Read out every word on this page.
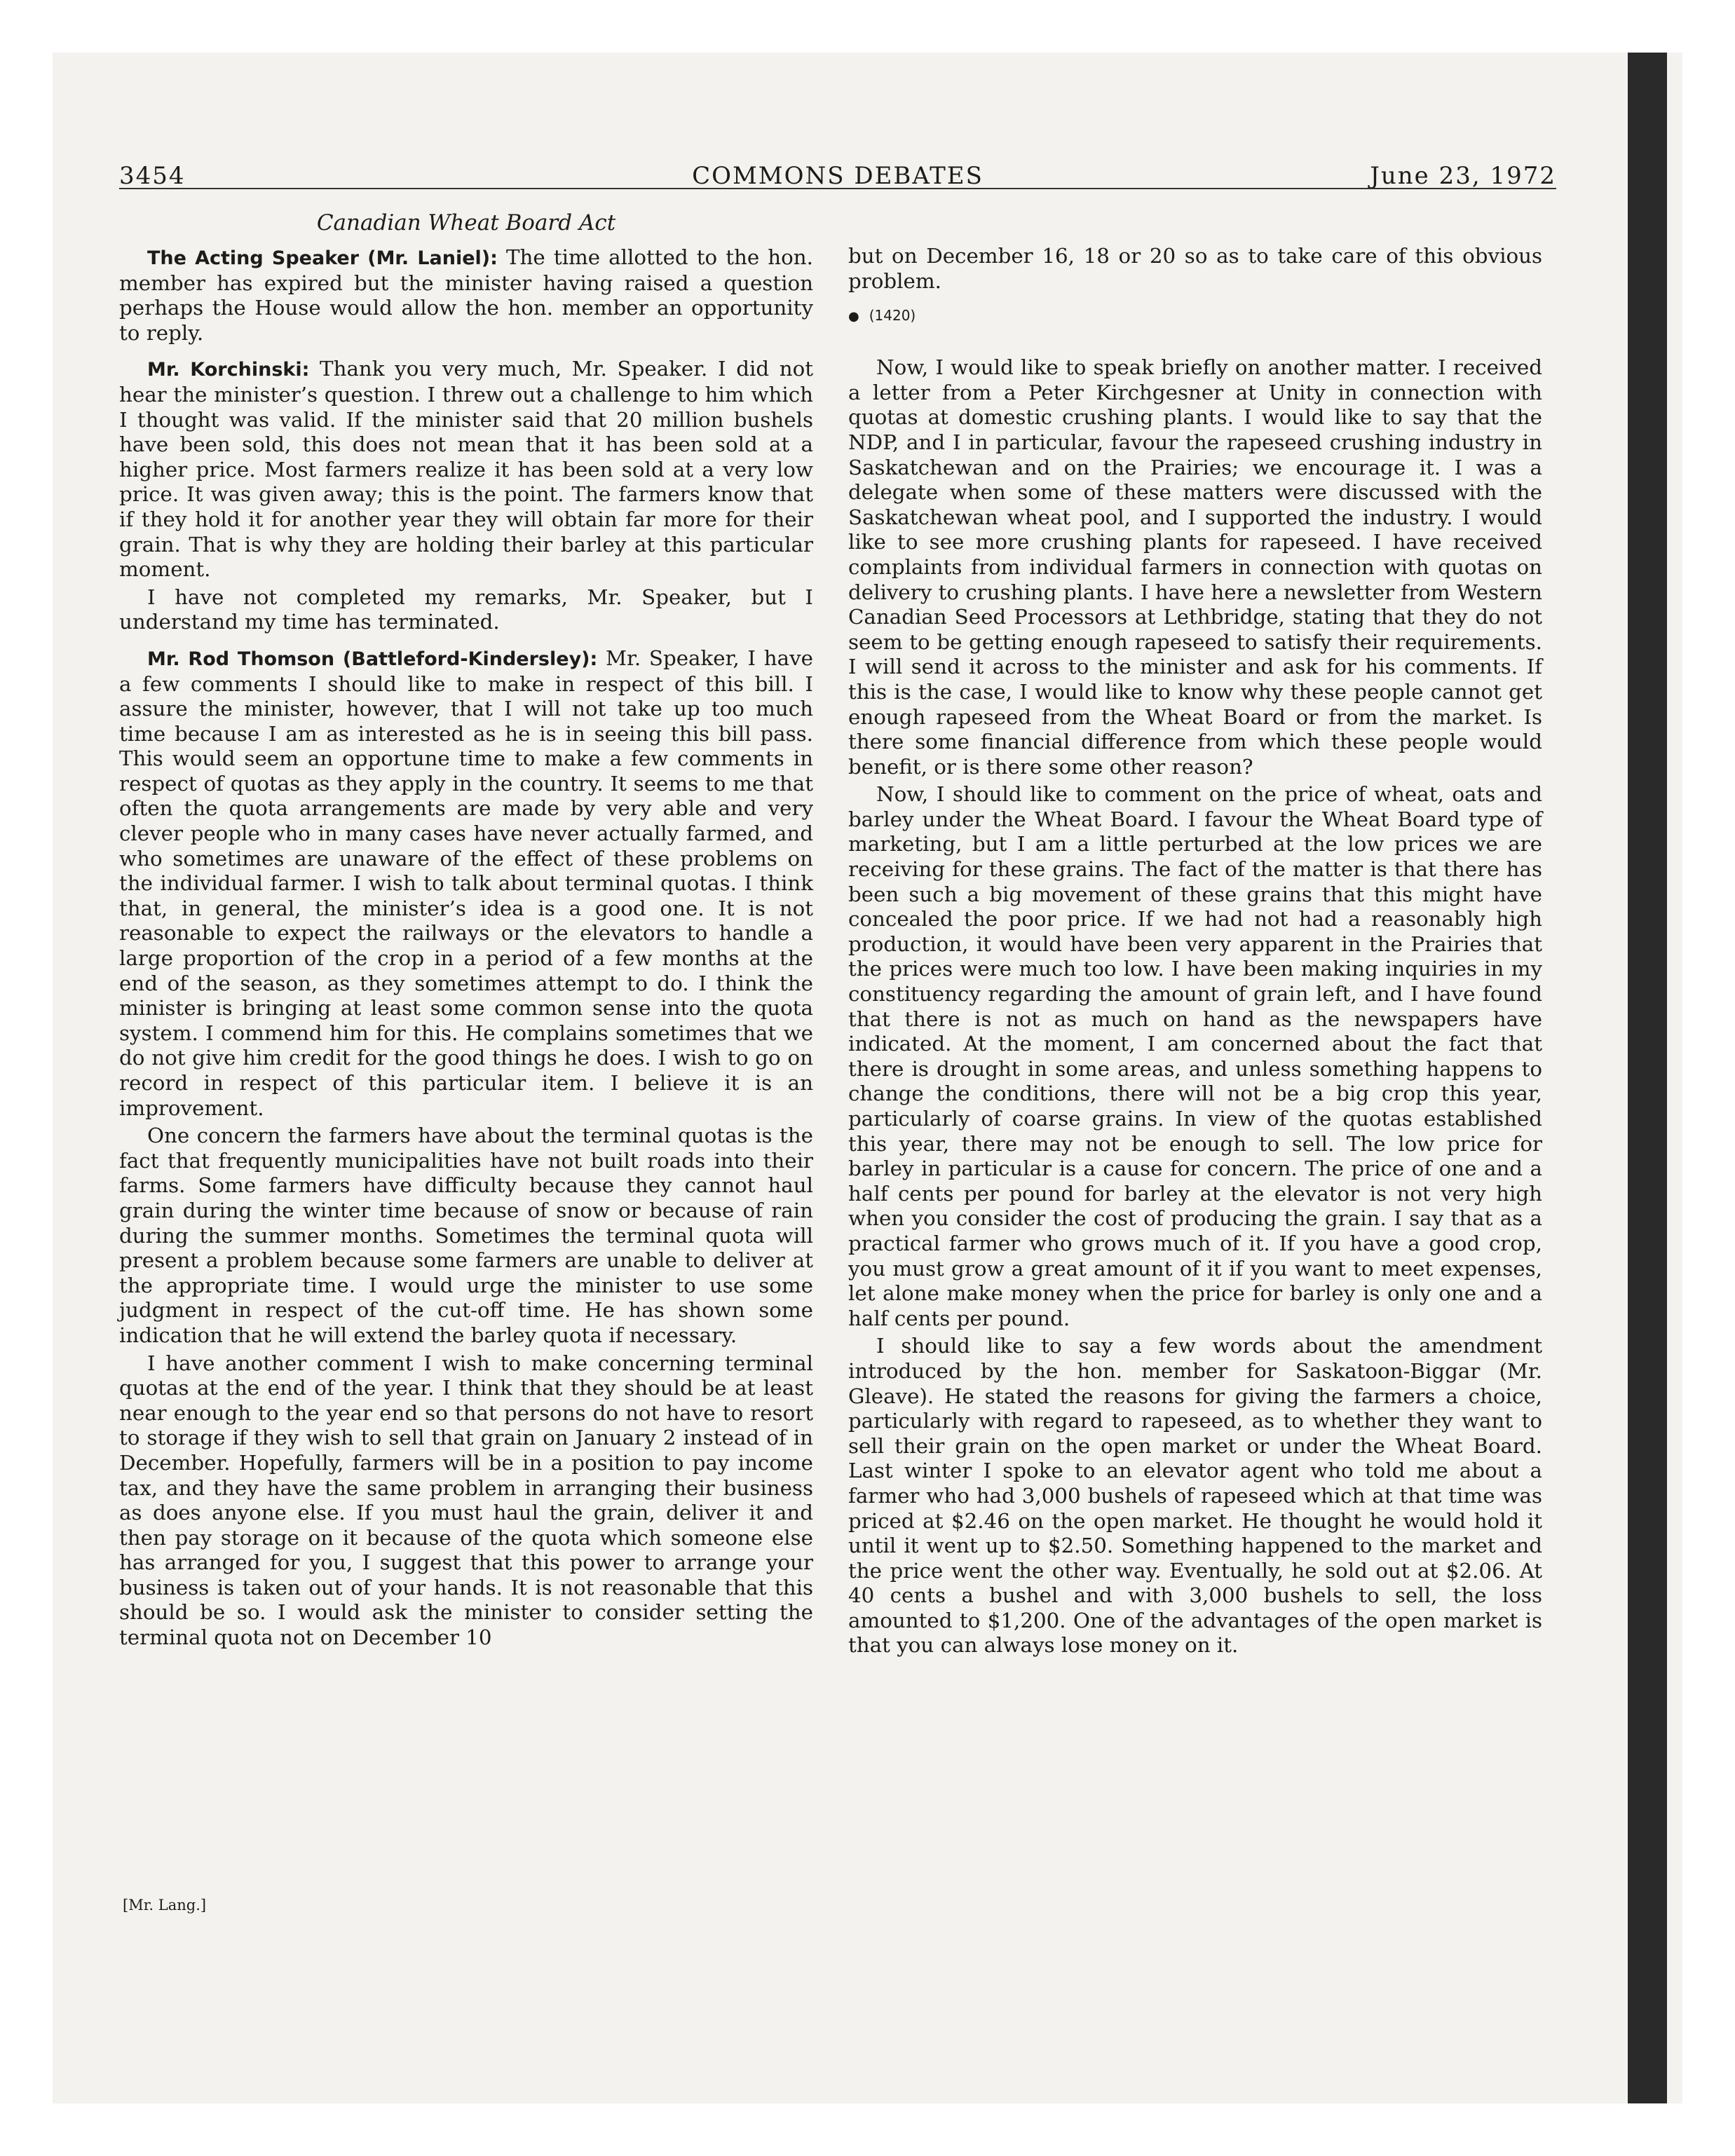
3454	COMMONS DEBATES	June 23, 1972
Canadian Wheat Board Act

The Acting Speaker (Mr. Laniel): The time allotted to the hon. member has expired but the minister having raised a question perhaps the House would allow the hon. member an opportunity to reply.

Mr. Korchinski: Thank you very much, Mr. Speaker. I did not hear the minister’s question. I threw out a challenge to him which I thought was valid. If the minister said that 20 million bushels have been sold, this does not mean that it has been sold at a higher price. Most farmers realize it has been sold at a very low price. It was given away; this is the point. The farmers know that if they hold it for another year they will obtain far more for their grain. That is why they are holding their barley at this particular moment.

I have not completed my remarks, Mr. Speaker, but I understand my time has terminated.

Mr. Rod Thomson (Battleford-Kindersley): Mr. Speaker, I have a few comments I should like to make in respect of this bill. I assure the minister, however, that I will not take up too much time because I am as interested as he is in seeing this bill pass. This would seem an opportune time to make a few comments in respect of quotas as they apply in the country. It seems to me that often the quota arrangements are made by very able and very clever people who in many cases have never actually farmed, and who sometimes are unaware of the effect of these problems on the individual farmer. I wish to talk about terminal quotas. I think that, in general, the minister’s idea is a good one. It is not reasonable to expect the railways or the elevators to handle a large proportion of the crop in a period of a few months at the end of the season, as they sometimes attempt to do. I think the minister is bringing at least some common sense into the quota system. I commend him for this. He complains sometimes that we do not give him credit for the good things he does. I wish to go on record in respect of this particular item. I believe it is an improvement.

One concern the farmers have about the terminal quotas is the fact that frequently municipalities have not built roads into their farms. Some farmers have difficulty because they cannot haul grain during the winter time because of snow or because of rain during the summer months. Sometimes the terminal quota will present a problem because some farmers are unable to deliver at the appropriate time. I would urge the minister to use some judgment in respect of the cut-off time. He has shown some indication that he will extend the barley quota if necessary.

I have another comment I wish to make concerning terminal quotas at the end of the year. I think that they should be at least near enough to the year end so that persons do not have to resort to storage if they wish to sell that grain on January 2 instead of in December. Hopefully, farmers will be in a position to pay income tax, and they have the same problem in arranging their business as does anyone else. If you must haul the grain, deliver it and then pay storage on it because of the quota which someone else has arranged for you, I suggest that this power to arrange your business is taken out of your hands. It is not reasonable that this should be so. I would ask the minister to consider setting the terminal quota not on December 10

but on December 16, 18 or 20 so as to take care of this obvious problem.

● (1420)

Now, I would like to speak briefly on another matter. I received a letter from a Peter Kirchgesner at Unity in connection with quotas at domestic crushing plants. I would like to say that the NDP, and I in particular, favour the rapeseed crushing industry in Saskatchewan and on the Prairies; we encourage it. I was a delegate when some of these matters were discussed with the Saskatchewan wheat pool, and I supported the industry. I would like to see more crushing plants for rapeseed. I have received complaints from individual farmers in connection with quotas on delivery to crushing plants. I have here a newsletter from Western Canadian Seed Processors at Lethbridge, stating that they do not seem to be getting enough rapeseed to satisfy their requirements. I will send it across to the minister and ask for his comments. If this is the case, I would like to know why these people cannot get enough rapeseed from the Wheat Board or from the market. Is there some financial difference from which these people would benefit, or is there some other reason?

Now, I should like to comment on the price of wheat, oats and barley under the Wheat Board. I favour the Wheat Board type of marketing, but I am a little perturbed at the low prices we are receiving for these grains. The fact of the matter is that there has been such a big movement of these grains that this might have concealed the poor price. If we had not had a reasonably high production, it would have been very apparent in the Prairies that the prices were much too low. I have been making inquiries in my constituency regarding the amount of grain left, and I have found that there is not as much on hand as the newspapers have indicated. At the moment, I am concerned about the fact that there is drought in some areas, and unless something happens to change the conditions, there will not be a big crop this year, particularly of coarse grains. In view of the quotas established this year, there may not be enough to sell. The low price for barley in particular is a cause for concern. The price of one and a half cents per pound for barley at the elevator is not very high when you consider the cost of producing the grain. I say that as a practical farmer who grows much of it. If you have a good crop, you must grow a great amount of it if you want to meet expenses, let alone make money when the price for barley is only one and a half cents per pound.

I should like to say a few words about the amendment introduced by the hon. member for Saskatoon-Biggar (Mr. Gleave). He stated the reasons for giving the farmers a choice, particularly with regard to rapeseed, as to whether they want to sell their grain on the open market or under the Wheat Board. Last winter I spoke to an elevator agent who told me about a farmer who had 3,000 bushels of rapeseed which at that time was priced at $2.46 on the open market. He thought he would hold it until it went up to $2.50. Something happened to the market and the price went the other way. Eventually, he sold out at $2.06. At 40 cents a bushel and with 3,000 bushels to sell, the loss amounted to $1,200. One of the advantages of the open market is that you can always lose money on it.

[Mr. Lang.]
